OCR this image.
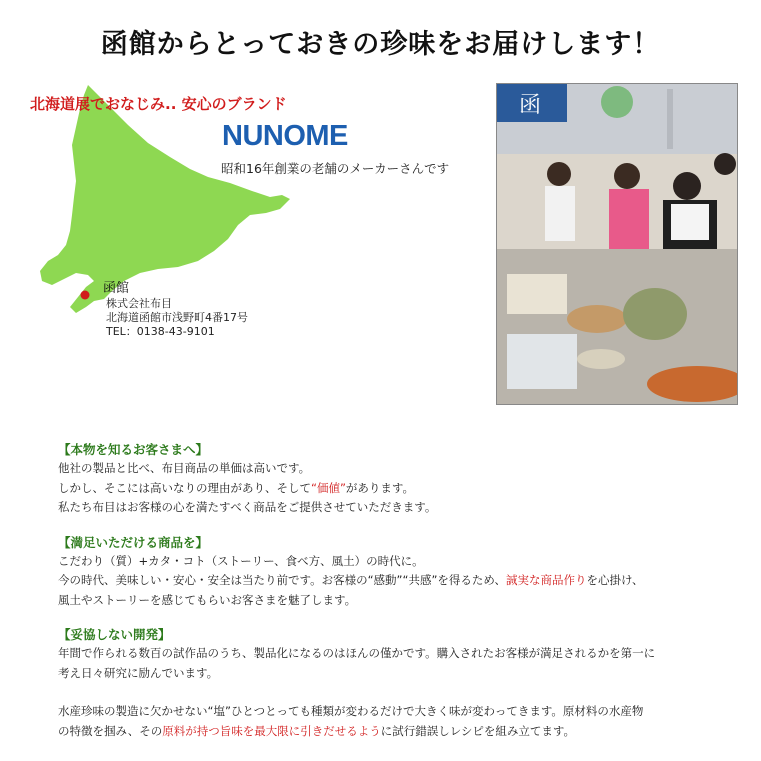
函館からとっておきの珍味をお届けします！
北海道展でおなじみ.. 安心のブランド
NUNOME
昭和16年創業の老舗のメーカーさんです
函館
株式会社布目
北海道函館市浅野町4番17号
TEL：0138-43-9101
函
【本物を知るお客さまへ】
他社の製品と比べ、布目商品の単価は高いです。
しかし、そこには高いなりの理由があり、そして“価値”があります。
私たち布目はお客様の心を満たすべく商品をご提供させていただきます。
【満足いただける商品を】
こだわり（質）+カタ・コト（ストーリー、食べ方、風土）の時代に。
今の時代、美味しい・安心・安全は当たり前です。お客様の“感動”“共感”を得るため、誠実な商品作りを心掛け、
風土やストーリーを感じてもらいお客さまを魅了します。
【妥協しない開発】
年間で作られる数百の試作品のうち、製品化になるのはほんの僅かです。購入されたお客様が満足されるかを第一に
考え日々研究に励んでいます。
水産珍味の製造に欠かせない“塩”ひとつとっても種類が変わるだけで大きく味が変わってきます。原材料の水産物
の特徴を掴み、その原料が持つ旨味を最大限に引きだせるように試行錯誤しレシピを組み立てます。
